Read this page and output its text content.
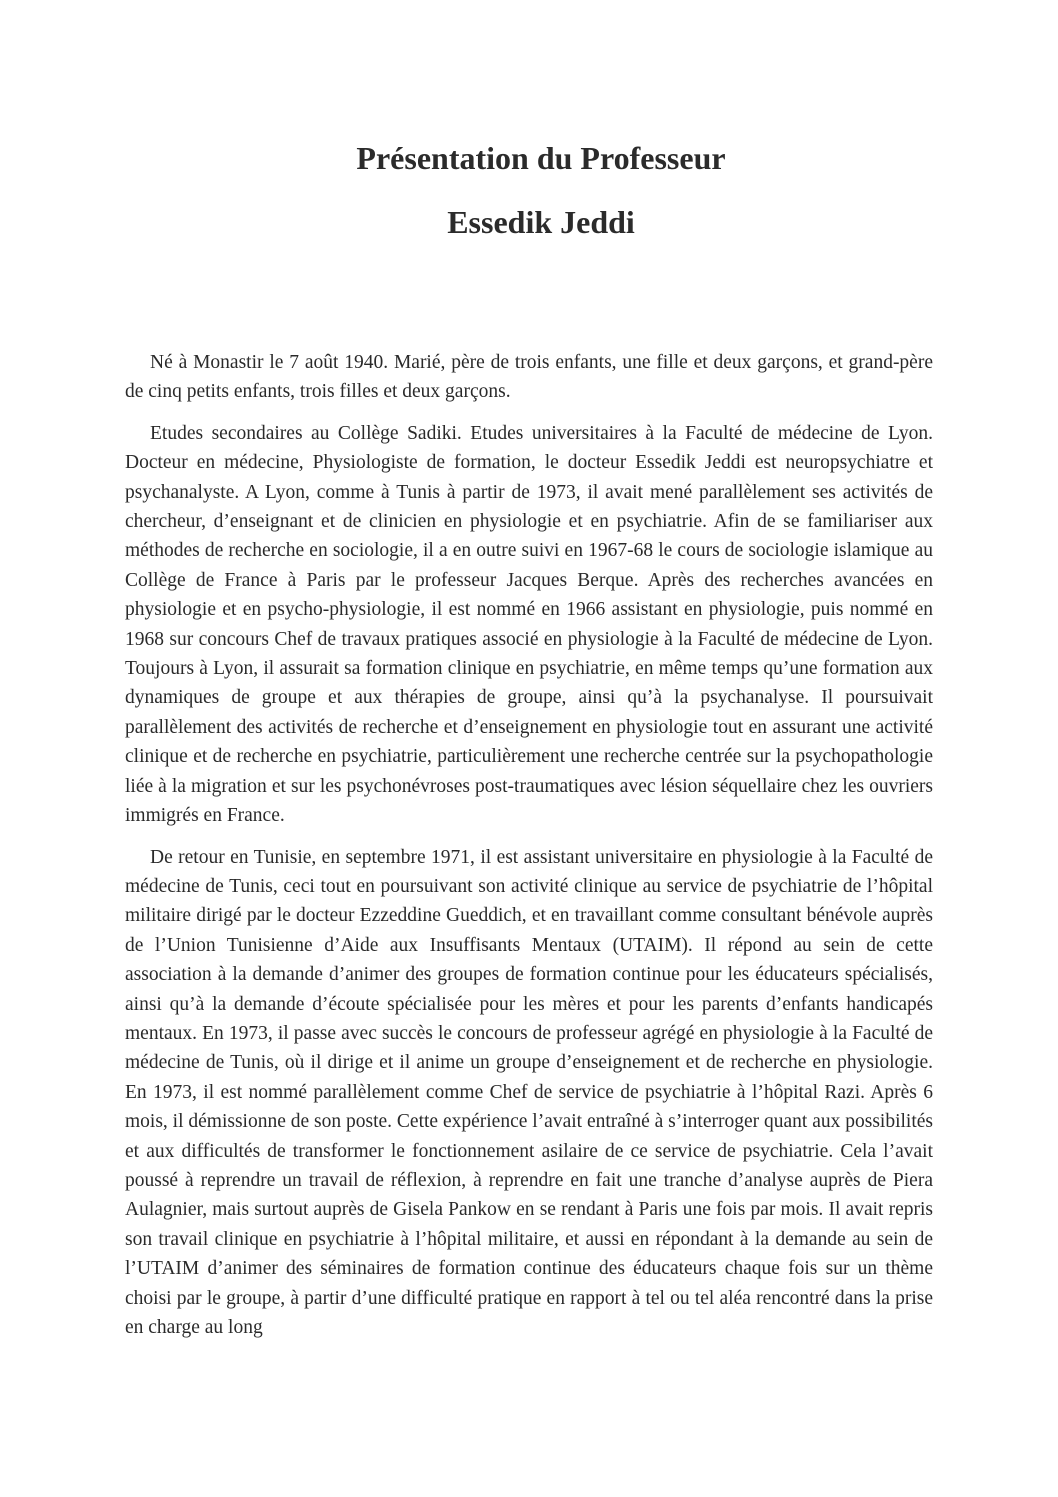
Présentation du Professeur

Essedik Jeddi

Né à Monastir le 7 août 1940. Marié, père de trois enfants, une fille et deux garçons, et grand-père de cinq petits enfants, trois filles et deux garçons.

Etudes secondaires au Collège Sadiki. Etudes universitaires à la Faculté de médecine de Lyon. Docteur en médecine, Physiologiste de formation, le docteur Essedik Jeddi est neuropsychiatre et psychanalyste. A Lyon, comme à Tunis à partir de 1973, il avait mené parallèlement ses activités de chercheur, d’enseignant et de clinicien en physiologie et en psychiatrie. Afin de se familiariser aux méthodes de recherche en sociologie, il a en outre suivi en 1967-68 le cours de sociologie islamique au Collège de France à Paris par le professeur Jacques Berque. Après des recherches avancées en physiologie et en psycho-physiologie, il est nommé en 1966 assistant en physiologie, puis nommé en 1968 sur concours Chef de travaux pratiques associé en physiologie à la Faculté de médecine de Lyon. Toujours à Lyon, il assurait sa formation clinique en psychiatrie, en même temps qu’une formation aux dynamiques de groupe et aux thérapies de groupe, ainsi qu’à la psychanalyse. Il poursuivait parallèlement des activités de recherche et d’enseignement en physiologie tout en assurant une activité clinique et de recherche en psychiatrie, particulièrement une recherche centrée sur la psychopathologie liée à la migration et sur les psychonévroses post-traumatiques avec lésion séquellaire chez les ouvriers immigrés en France.

De retour en Tunisie, en septembre 1971, il est assistant universitaire en physiologie à la Faculté de médecine de Tunis, ceci tout en poursuivant son activité clinique au service de psychiatrie de l’hôpital militaire dirigé par le docteur Ezzeddine Gueddich, et en travaillant comme consultant bénévole auprès de l’Union Tunisienne d’Aide aux Insuffisants Mentaux (UTAIM). Il répond au sein de cette association à la demande d’animer des groupes de formation continue pour les éducateurs spécialisés, ainsi qu’à la demande d’écoute spécialisée pour les mères et pour les parents d’enfants handicapés mentaux. En 1973, il passe avec succès le concours de professeur agrégé en physiologie à la Faculté de médecine de Tunis, où il dirige et il anime un groupe d’enseignement et de recherche en physiologie. En 1973, il est nommé parallèlement comme Chef de service de psychiatrie à l’hôpital Razi. Après 6 mois, il démissionne de son poste. Cette expérience l’avait entraîné à s’interroger quant aux possibilités et aux difficultés de transformer le fonctionnement asilaire de ce service de psychiatrie. Cela l’avait poussé à reprendre un travail de réflexion, à reprendre en fait une tranche d’analyse auprès de Piera Aulagnier, mais surtout auprès de Gisela Pankow en se rendant à Paris une fois par mois. Il avait repris son travail clinique en psychiatrie à l’hôpital militaire, et aussi en répondant à la demande au sein de l’UTAIM d’animer des séminaires de formation continue des éducateurs chaque fois sur un thème choisi par le groupe, à partir d’une difficulté pratique en rapport à tel ou tel aléa rencontré dans la prise en charge au long
